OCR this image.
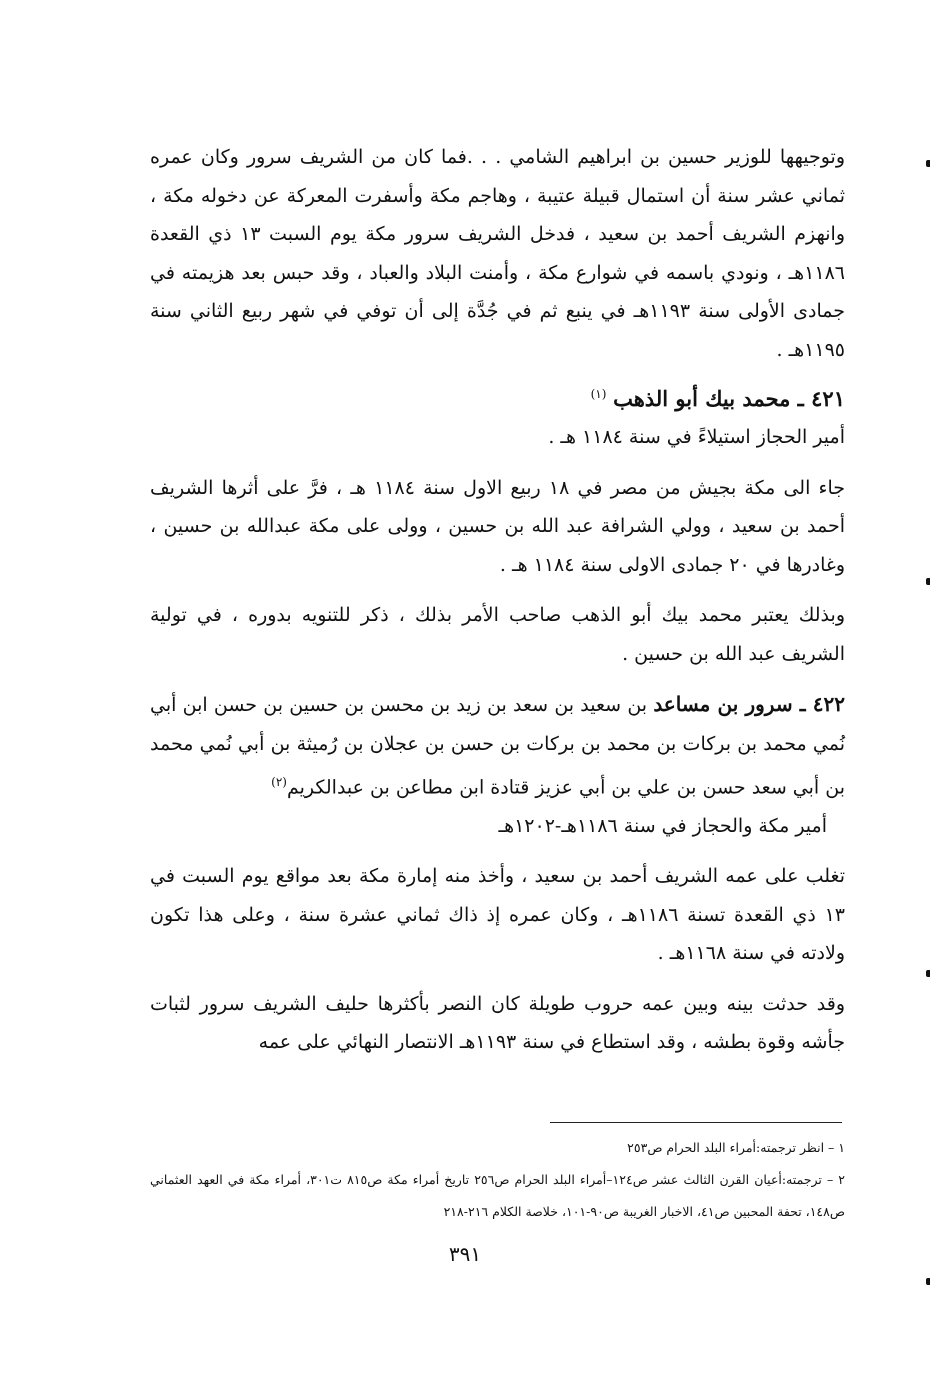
وتوجيهها للوزير حسين بن ابراهيم الشامي . . .فما كان من الشريف سرور وكان عمره ثماني عشر سنة أن استمال قبيلة عتيبة ، وهاجم مكة وأسفرت المعركة عن دخوله مكة ، وانهزم الشريف أحمد بن سعيد ، فدخل الشريف سرور مكة يوم السبت ١٣ ذي القعدة ١١٨٦هـ ، ونودي باسمه في شوارع مكة ، وأمنت البلاد والعباد ، وقد حبس بعد هزيمته في جمادى الأولى سنة ١١٩٣هـ في ينبع ثم في جُدَّة إلى أن توفي في شهر ربيع الثاني سنة ١١٩٥هـ .

٤٢١ ـ محمد بيك أبو الذهب $^{(١)}$

أمير الحجاز استيلاءً في سنة ١١٨٤ هـ .

جاء الى مكة بجيش من مصر في ١٨ ربيع الاول سنة ١١٨٤ هـ ، فرَّ على أثرها الشريف أحمد بن سعيد ، وولي الشرافة عبد الله بن حسين ، وولى على مكة عبدالله بن حسين ، وغادرها في ٢٠ جمادى الاولى سنة ١١٨٤ هـ .

وبذلك يعتبر محمد بيك أبو الذهب صاحب الأمر بذلك ، ذكر للتنويه بدوره ، في تولية الشريف عبد الله بن حسين .

٤٢٢ ـ سرور بن مساعد بن سعيد بن سعد بن زيد بن محسن بن حسين بن حسن ابن أبي نُمي محمد بن بركات بن محمد بن بركات بن حسن بن عجلان بن رُميثة بن أبي نُمي محمد بن أبي سعد حسن بن علي بن أبي عزيز قتادة ابن مطاعن بن عبدالكريم$^{(٢)}$

أمير مكة والحجاز في سنة ١١٨٦هـ-١٢٠٢هـ

تغلب على عمه الشريف أحمد بن سعيد ، وأخذ منه إمارة مكة بعد مواقع يوم السبت في ١٣ ذي القعدة تسنة ١١٨٦هـ ، وكان عمره إذ ذاك ثماني عشرة سنة ، وعلى هذا تكون ولادته في سنة ١١٦٨هـ .

وقد حدثت بينه وبين عمه حروب طويلة كان النصر بأكثرها حليف الشريف سرور لثبات جأشه وقوة بطشه ، وقد استطاع في سنة ١١٩٣هـ الانتصار النهائي على عمه

١ – انظر ترجمته:أمراء البلد الحرام ص٢٥٣

٢ – ترجمته:أعيان القرن الثالث عشر ص١٢٤–أمراء البلد الحرام ص٢٥٦ تاريخ أمراء مكة ص٨١٥ ت٣٠١، أمراء مكة في العهد العثماني ص١٤٨، تحفة المحبين ص٤١، الاخبار الغريبة ص٩٠-١٠١، خلاصة الكلام ٢١٦-٢١٨

٣٩١
